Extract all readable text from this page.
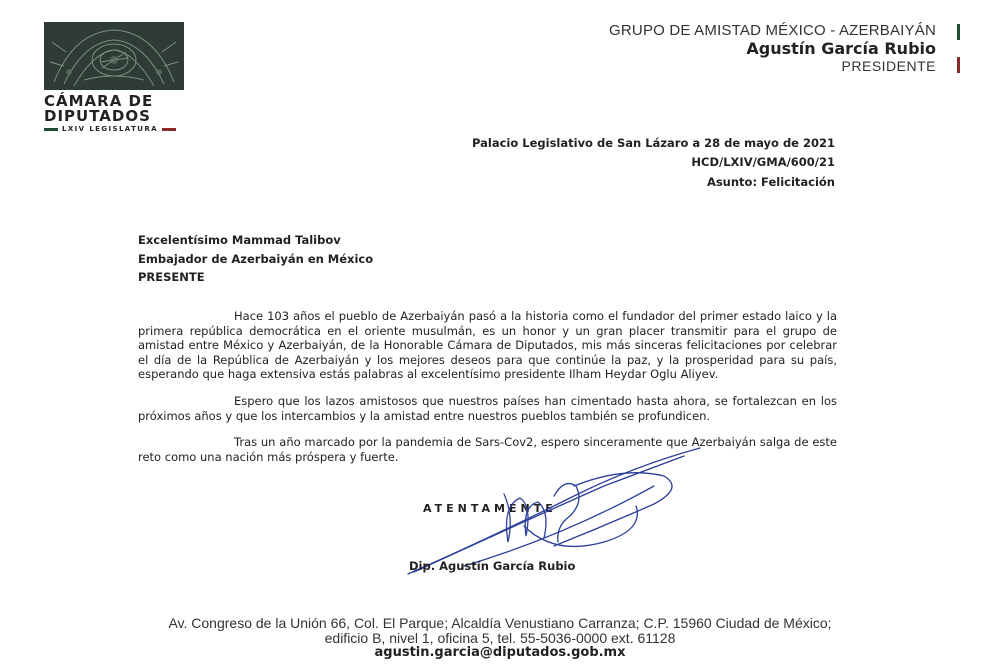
CÁMARA DE
DIPUTADOS
LXIV LEGISLATURA
GRUPO DE AMISTAD MÉXICO - AZERBAIYÁN
Agustín García Rubio
PRESIDENTE
Palacio Legislativo de San Lázaro a 28 de mayo de 2021
HCD/LXIV/GMA/600/21
Asunto: Felicitación
Excelentísimo Mammad Talibov
Embajador de Azerbaiyán en México
PRESENTE

Hace 103 años el pueblo de Azerbaiyán pasó a la historia como el fundador del primer estado laico y la primera república democrática en el oriente musulmán, es un honor y un gran placer transmitir para el grupo de amistad entre México y Azerbaiyán, de la Honorable Cámara de Diputados, mis más sinceras felicitaciones por celebrar el día de la República de Azerbaiyán y los mejores deseos para que continúe la paz, y la prosperidad para su país, esperando que haga extensiva estás palabras al excelentísimo presidente Ilham Heydar Oglu Aliyev.

Espero que los lazos amistosos que nuestros países han cimentado hasta ahora, se fortalezcan en los próximos años y que los intercambios y la amistad entre nuestros pueblos también se profundicen.

Tras un año marcado por la pandemia de Sars-Cov2, espero sinceramente que Azerbaiyán salga de este reto como una nación más próspera y fuerte.

ATENTAMENTE
Dip. Agustín García Rubio
Av. Congreso de la Unión 66, Col. El Parque; Alcaldía Venustiano Carranza; C.P. 15960 Ciudad de México;
edificio B, nivel 1, oficina 5, tel. 55-5036-0000 ext. 61128
agustin.garcia@diputados.gob.mx
